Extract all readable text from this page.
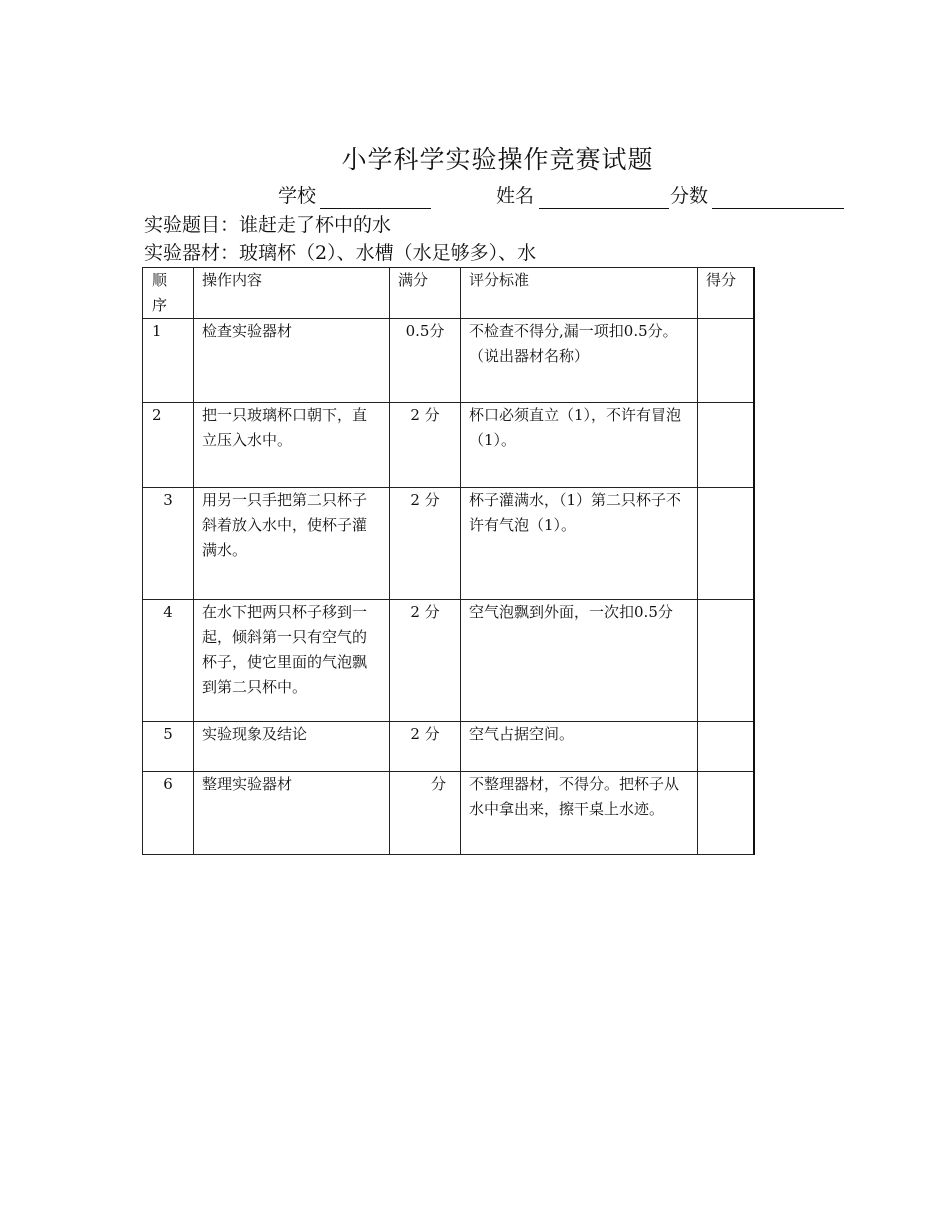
小学科学实验操作竞赛试题
学校	姓名	分数
实验题目：谁赶走了杯中的水
实验器材：玻璃杯（2）、水槽（水足够多）、水
顺序	操作内容	满分	评分标准	得分
1	检查实验器材	0.5分	不检查不得分,漏一项扣0.5分。（说出器材名称）	
2	把一只玻璃杯口朝下，直立压入水中。	2 分	杯口必须直立（1），不许有冒泡（1）。	
3	用另一只手把第二只杯子斜着放入水中，使杯子灌满水。	2 分	杯子灌满水，（1）第二只杯子不许有气泡（1）。	
4	在水下把两只杯子移到一起，倾斜第一只有空气的杯子，使它里面的气泡飘到第二只杯中。	2 分	空气泡飘到外面，一次扣0.5分	
5	实验现象及结论	2 分	空气占据空间。	
6	整理实验器材	分	不整理器材，不得分。把杯子从水中拿出来，擦干桌上水迹。	
